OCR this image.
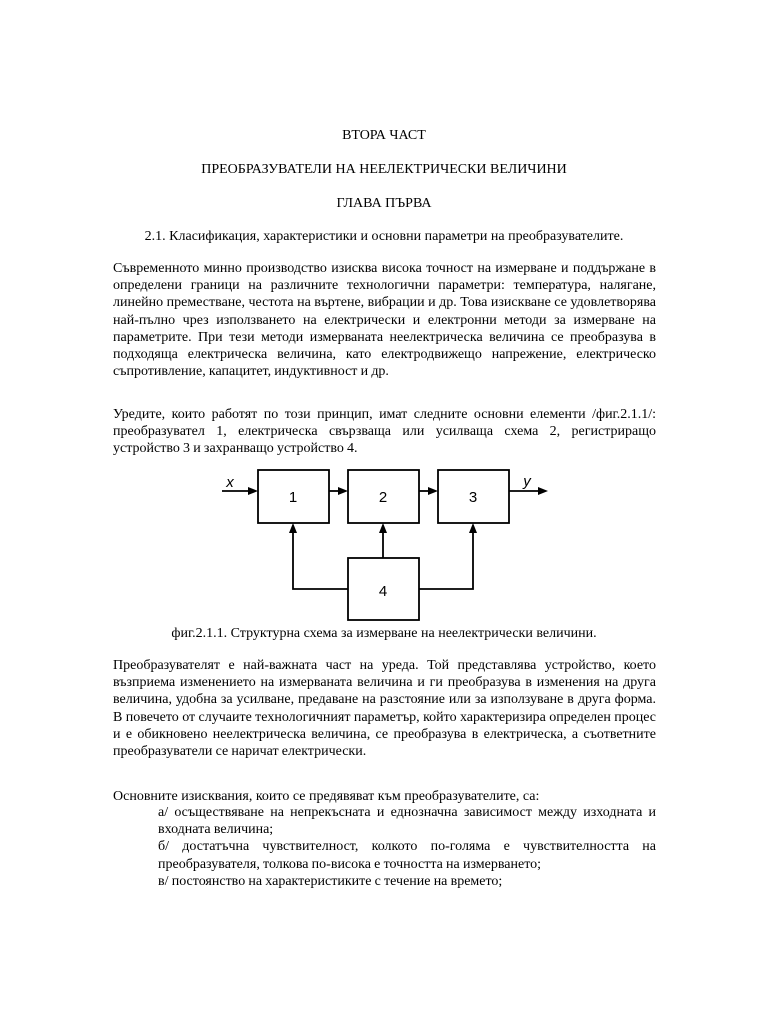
ВТОРА ЧАСТ
ПРЕОБРАЗУВАТЕЛИ НА НЕЕЛЕКТРИЧЕСКИ ВЕЛИЧИНИ
ГЛАВА ПЪРВА
2.1. Класификация, характеристики и основни параметри на преобразувателите.
Съвременното минно производство изисква висока точност на измерване и поддържане в определени граници на различните технологични параметри: температура, налягане, линейно преместване, честота на въртене, вибрации и др. Това изискване се удовлетворява най-пълно чрез използването на електрически и електронни методи за измерване на параметрите. При тези методи измерваната неелектрическа величина се преобразува в подходяща електрическа величина, като електродвижещо напрежение, електрическо съпротивление, капацитет, индуктивност и др.
Уредите, които работят по този принцип, имат следните основни елементи /фиг.2.1.1/: преобразувател 1, електрическа свързваща или усилваща схема 2, регистриращо устройство 3 и захранващо устройство 4.
x	y
1	2	3
4
фиг.2.1.1. Структурна схема за измерване на неелектрически величини.
Преобразувателят е най-важната част на уреда. Той представлява устройство, което възприема изменението на измерваната величина и ги преобразува в изменения на друга величина, удобна за усилване, предаване на разстояние или за използуване в друга форма. В повечето от случаите технологичният параметър, който характеризира определен процес и е обикновено неелектрическа величина, се преобразува в електрическа, а съответните преобразуватели се наричат електрически.
Основните изисквания, които се предявяват към преобразувателите, са:
а/ осъществяване на непрекъсната и еднозначна зависимост между изходната и входната величина;
б/ достатъчна чувствителност, колкото по-голяма е чувствителността на преобразувателя, толкова по-висока е точността на измерването;
в/ постоянство на характеристиките с течение на времето;
